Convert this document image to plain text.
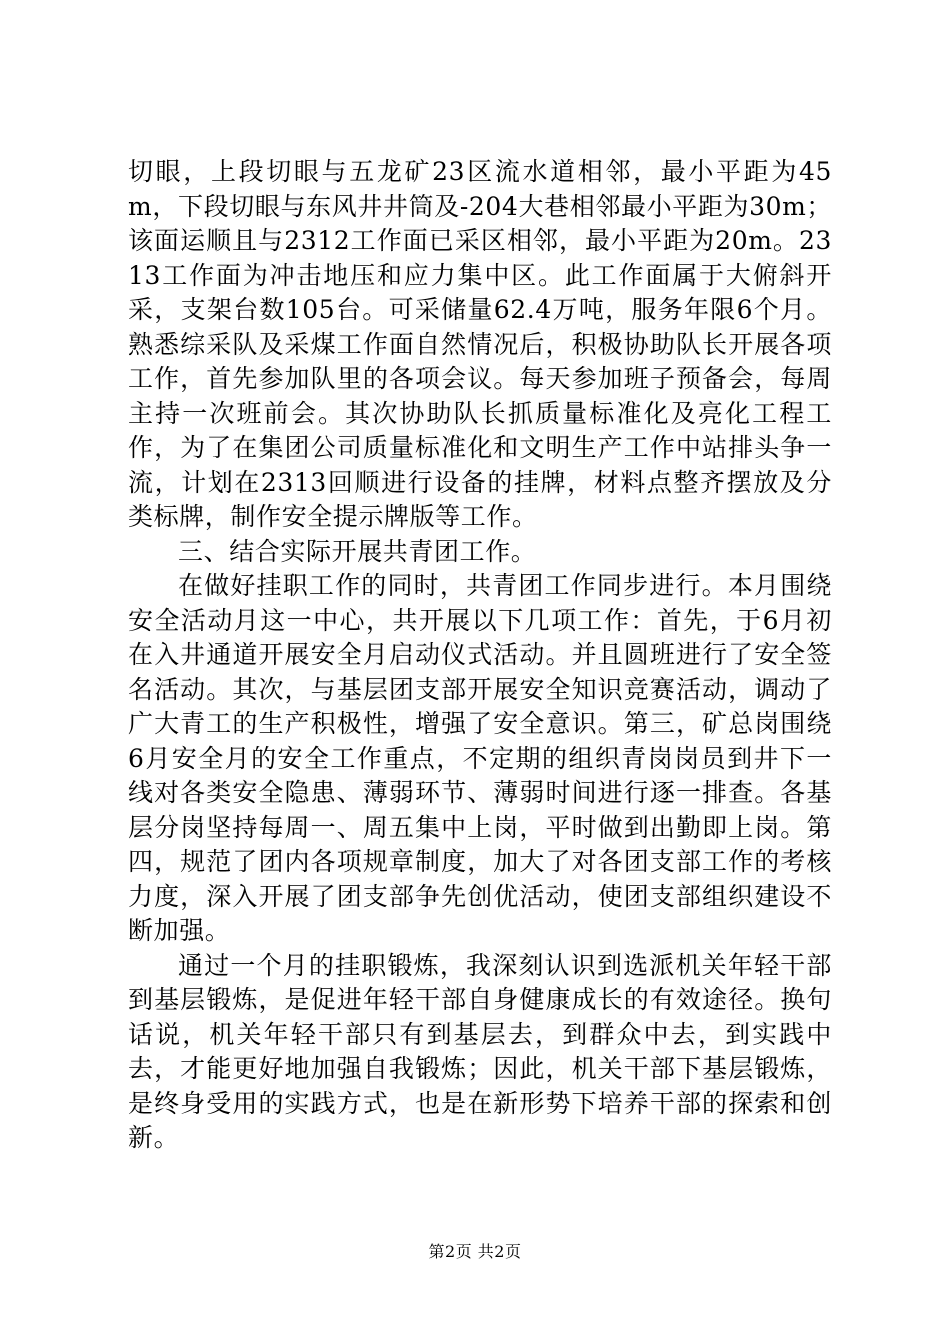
切眼，上段切眼与五龙矿23区流水道相邻，最小平距为45m，下段切眼与东风井井筒及-204大巷相邻最小平距为30m；该面运顺且与2312工作面已采区相邻，最小平距为20m。2313工作面为冲击地压和应力集中区。此工作面属于大俯斜开采，支架台数105台。可采储量62.4万吨，服务年限6个月。熟悉综采队及采煤工作面自然情况后，积极协助队长开展各项工作，首先参加队里的各项会议。每天参加班子预备会，每周主持一次班前会。其次协助队长抓质量标准化及亮化工程工作，为了在集团公司质量标准化和文明生产工作中站排头争一流，计划在2313回顺进行设备的挂牌，材料点整齐摆放及分类标牌，制作安全提示牌版等工作。

三、结合实际开展共青团工作。

在做好挂职工作的同时，共青团工作同步进行。本月围绕安全活动月这一中心，共开展以下几项工作：首先，于6月初在入井通道开展安全月启动仪式活动。并且圆班进行了安全签名活动。其次，与基层团支部开展安全知识竞赛活动，调动了广大青工的生产积极性，增强了安全意识。第三，矿总岗围绕6月安全月的安全工作重点，不定期的组织青岗岗员到井下一线对各类安全隐患、薄弱环节、薄弱时间进行逐一排查。各基层分岗坚持每周一、周五集中上岗，平时做到出勤即上岗。第四，规范了团内各项规章制度，加大了对各团支部工作的考核力度，深入开展了团支部争先创优活动，使团支部组织建设不断加强。

通过一个月的挂职锻炼，我深刻认识到选派机关年轻干部到基层锻炼，是促进年轻干部自身健康成长的有效途径。换句话说，机关年轻干部只有到基层去，到群众中去，到实践中去，才能更好地加强自我锻炼；因此，机关干部下基层锻炼，是终身受用的实践方式，也是在新形势下培养干部的探索和创新。

第2页 共2页
